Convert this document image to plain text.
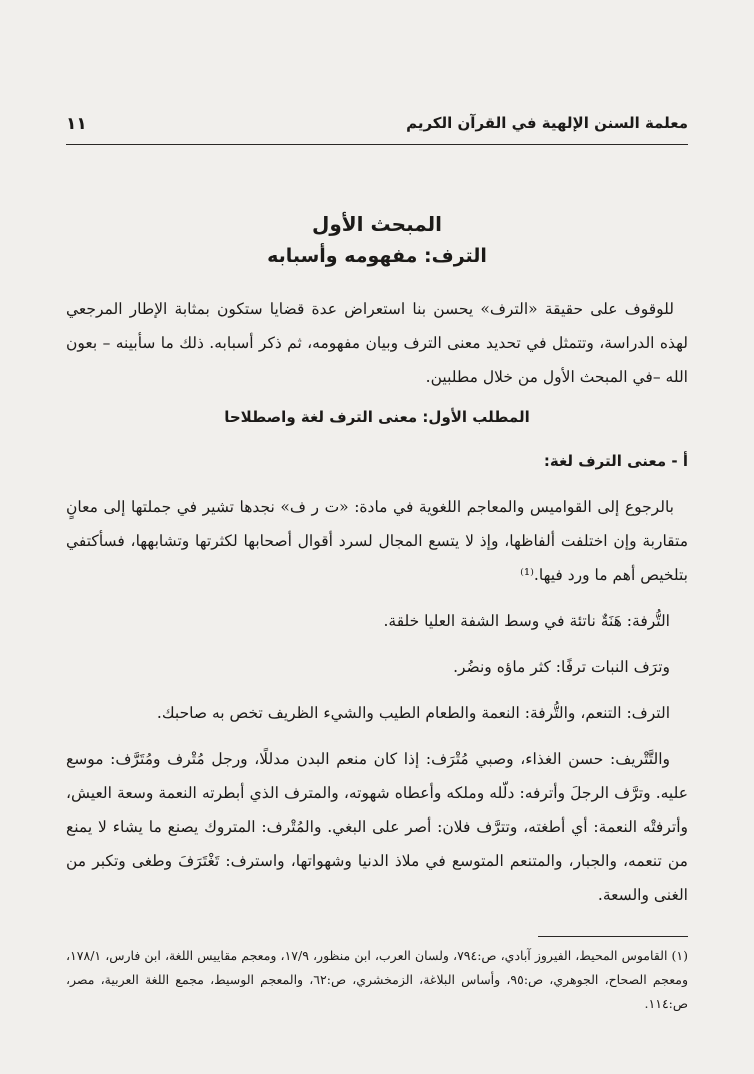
معلمة السنن الإلهية في القرآن الكريم
١١
المبحث الأول
الترف: مفهومه وأسبابه

للوقوف على حقيقة «الترف» يحسن بنا استعراض عدة قضايا ستكون بمثابة الإطار المرجعي لهذه الدراسة، وتتمثل في تحديد معنى الترف وبيان مفهومه، ثم ذكر أسبابه. ذلك ما سأبينه – بعون الله –في المبحث الأول من خلال مطلبين.

المطلب الأول: معنى الترف لغة واصطلاحا
أ - معنى الترف لغة:

بالرجوع إلى القواميس والمعاجم اللغوية في مادة: «ت ر ف» نجدها تشير في جملتها إلى معانٍ متقاربة وإن اختلفت ألفاظها، وإذ لا يتسع المجال لسرد أقوال أصحابها لكثرتها وتشابهها، فسأكتفي بتلخيص أهم ما ورد فيها.⁽¹⁾

التُّرفة: هَنَةٌ ناتئة في وسط الشفة العليا خلقة.

وترَف النبات ترفًا: كثر ماؤه ونضُر.

الترف: التنعم، والتُّرفة: النعمة والطعام الطيب والشيء الظريف تخص به صاحبك.

والتَّتْريف: حسن الغذاء، وصبي مُتْرَف: إذا كان منعم البدن مدللًا، ورجل مُتْرف ومُتَرَّف: موسع عليه. وترَّف الرجلَ وأترفه: دلّله وملكه وأعطاه شهوته، والمترف الذي أبطرته النعمة وسعة العيش، وأترفتْه النعمة: أي أطغته، وتترَّف فلان: أصر على البغي. والمُتْرف: المتروك يصنع ما يشاء لا يمنع من تنعمه، والجبار، والمتنعم المتوسع في ملاذ الدنيا وشهواتها، واسترف: تَغْتَرَفَ وطغى وتكبر من الغنى والسعة.

(١) القاموس المحيط، الفيروز آبادي، ص:٧٩٤، ولسان العرب، ابن منظور، ١٧/٩، ومعجم مقاييس اللغة، ابن فارس، ١٧٨/١، ومعجم الصحاح، الجوهري، ص:٩٥، وأساس البلاغة، الزمخشري، ص:٦٢، والمعجم الوسيط، مجمع اللغة العربية، مصر، ص:١١٤.
